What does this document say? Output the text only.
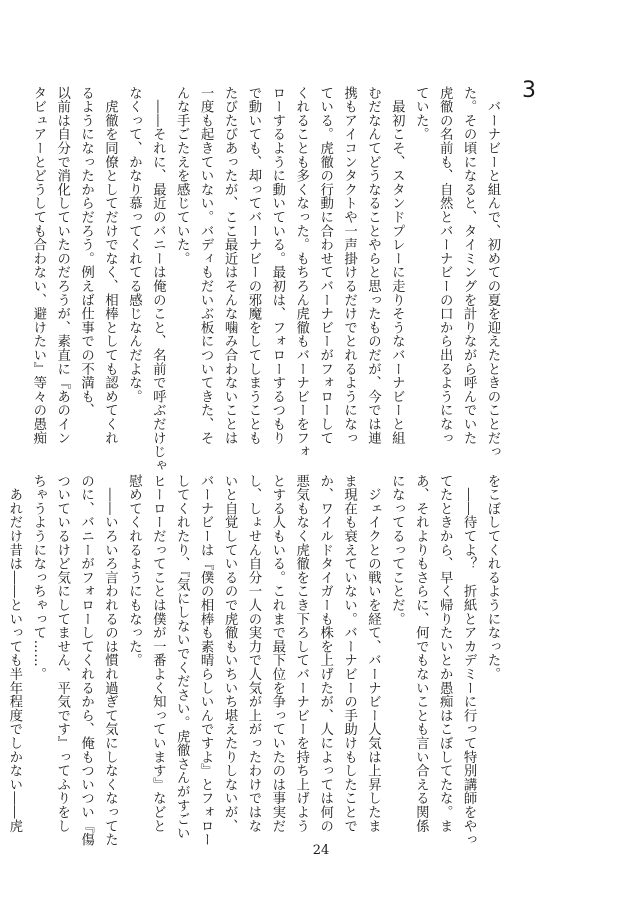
3
　バーナビーと組んで、初めての夏を迎えたときのことだっ
た。その頃になると、タイミングを計りながら呼んでいた
虎徹の名前も、自然とバーナビーの口から出るようになっ
ていた。
　最初こそ、スタンドプレーに走りそうなバーナビーと組
むだなんてどうなることやらと思ったものだが、今では連
携もアイコンタクトや一声掛けるだけでとれるようになっ
ている。虎徹の行動に合わせてバーナビーがフォローして
くれることも多くなった。もちろん虎徹もバーナビーをフォ
ローするように動いている。最初は、フォローするつもり
で動いても、却ってバーナビーの邪魔をしてしまうことも
たびたびあったが、ここ最近はそんな噛み合わないことは
一度も起きていない。バディもだいぶ板についてきた、そ
んな手ごたえを感じていた。
　――それに、最近のバニーは俺のこと、名前で呼ぶだけじゃ
なくって、かなり慕ってくれてる感じなんだよな。
　虎徹を同僚としてだけでなく、相棒としても認めてくれ
るようになったからだろう。例えば仕事での不満も、
以前は自分で消化していたのだろうが、素直に『あのイン
タビュアーとどうしても合わない、避けたい』等々の愚痴
をこぼしてくれるようになった。
　――待てよ？　折紙とアカデミーに行って特別講師をやっ
てたときから、早く帰りたいとか愚痴はこぼしてたな。ま
あ、それよりもさらに、何でもないことも言い合える関係
になってるってことだ。
　ジェイクとの戦いを経て、バーナビー人気は上昇したま
ま現在も衰えていない。バーナビーの手助けもしたことで
か、ワイルドタイガーも株を上げたが、人によっては何の
悪気もなく虎徹をこき下ろしてバーナビーを持ち上げよう
とする人もいる。これまで最下位を争っていたのは事実だ
し、しょせん自分一人の実力で人気が上がったわけではな
いと自覚しているので虎徹もいちいち堪えたりしないが、
バーナビーは『僕の相棒も素晴らしいんですよ』とフォロー
してくれたり、『気にしないでください。虎徹さんがすごい
ヒーローだってことは僕が一番よく知っています』などと
慰めてくれるようにもなった。
　――いろいろ言われるのは慣れ過ぎて気にしなくなってた
のに、バニーがフォローしてくれるから、俺もついつい『傷
ついているけど気にしてません、平気です』ってふりをし
ちゃうようになっちゃって……。
　あれだけ昔は――といっても半年程度でしかない――虎
24
